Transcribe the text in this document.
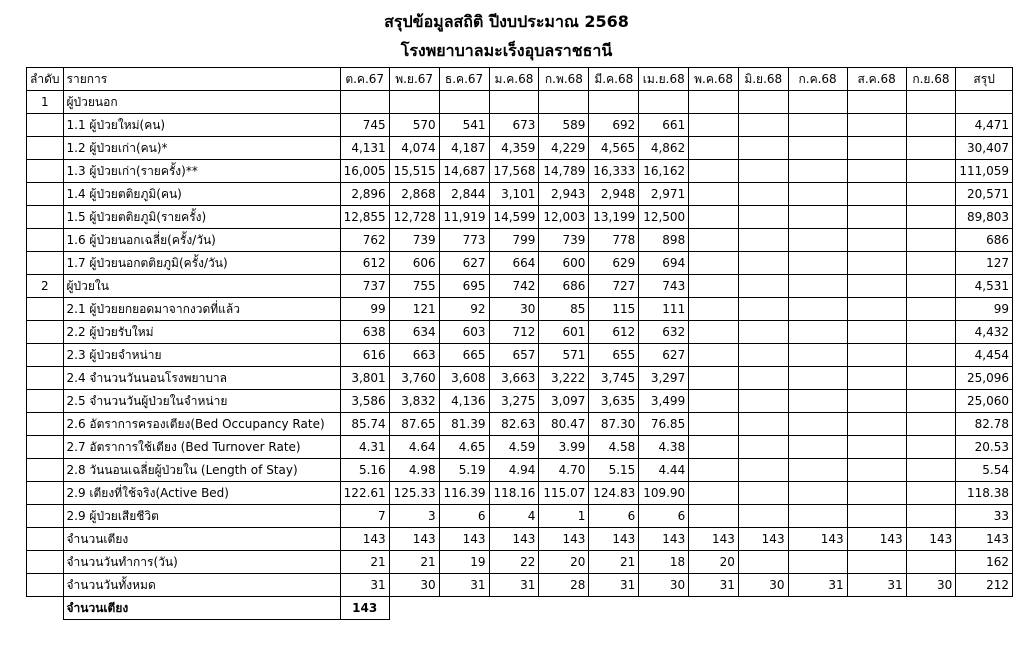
สรุปข้อมูลสถิติ ปีงบประมาณ 2568
โรงพยาบาลมะเร็งอุบลราชธานี
ลำดับ	รายการ	ต.ค.67	พ.ย.67	ธ.ค.67	ม.ค.68	ก.พ.68	มี.ค.68	เม.ย.68	พ.ค.68	มิ.ย.68	ก.ค.68	ส.ค.68	ก.ย.68	สรุป
1	ผู้ป่วยนอก													
	1.1 ผู้ป่วยใหม่(คน)	745	570	541	673	589	692	661						4,471
	1.2 ผู้ป่วยเก่า(คน)*	4,131	4,074	4,187	4,359	4,229	4,565	4,862						30,407
	1.3 ผู้ป่วยเก่า(รายครั้ง)**	16,005	15,515	14,687	17,568	14,789	16,333	16,162						111,059
	1.4 ผู้ป่วยตติยภูมิ(คน)	2,896	2,868	2,844	3,101	2,943	2,948	2,971						20,571
	1.5 ผู้ป่วยตติยภูมิ(รายครั้ง)	12,855	12,728	11,919	14,599	12,003	13,199	12,500						89,803
	1.6 ผู้ป่วยนอกเฉลี่ย(ครั้ง/วัน)	762	739	773	799	739	778	898						686
	1.7 ผู้ป่วยนอกตติยภูมิ(ครั้ง/วัน)	612	606	627	664	600	629	694						127
2	ผู้ป่วยใน	737	755	695	742	686	727	743						4,531
	2.1 ผู้ป่วยยกยอดมาจากงวดที่แล้ว	99	121	92	30	85	115	111						99
	2.2 ผู้ป่วยรับใหม่	638	634	603	712	601	612	632						4,432
	2.3 ผู้ป่วยจำหน่าย	616	663	665	657	571	655	627						4,454
	2.4 จำนวนวันนอนโรงพยาบาล	3,801	3,760	3,608	3,663	3,222	3,745	3,297						25,096
	2.5 จำนวนวันผู้ป่วยในจำหน่าย	3,586	3,832	4,136	3,275	3,097	3,635	3,499						25,060
	2.6 อัตราการครองเตียง(Bed Occupancy Rate)	85.74	87.65	81.39	82.63	80.47	87.30	76.85						82.78
	2.7 อัตราการใช้เตียง (Bed Turnover Rate)	4.31	4.64	4.65	4.59	3.99	4.58	4.38						20.53
	2.8 วันนอนเฉลี่ยผู้ป่วยใน (Length of Stay)	5.16	4.98	5.19	4.94	4.70	5.15	4.44						5.54
	2.9 เตียงที่ใช้จริง(Active Bed)	122.61	125.33	116.39	118.16	115.07	124.83	109.90						118.38
	2.9 ผู้ป่วยเสียชีวิต	7	3	6	4	1	6	6						33
	จำนวนเตียง	143	143	143	143	143	143	143	143	143	143	143	143	143
	จำนวนวันทำการ(วัน)	21	21	19	22	20	21	18	20					162
	จำนวนวันทั้งหมด	31	30	31	31	28	31	30	31	30	31	31	30	212
	จำนวนเตียง	143												
